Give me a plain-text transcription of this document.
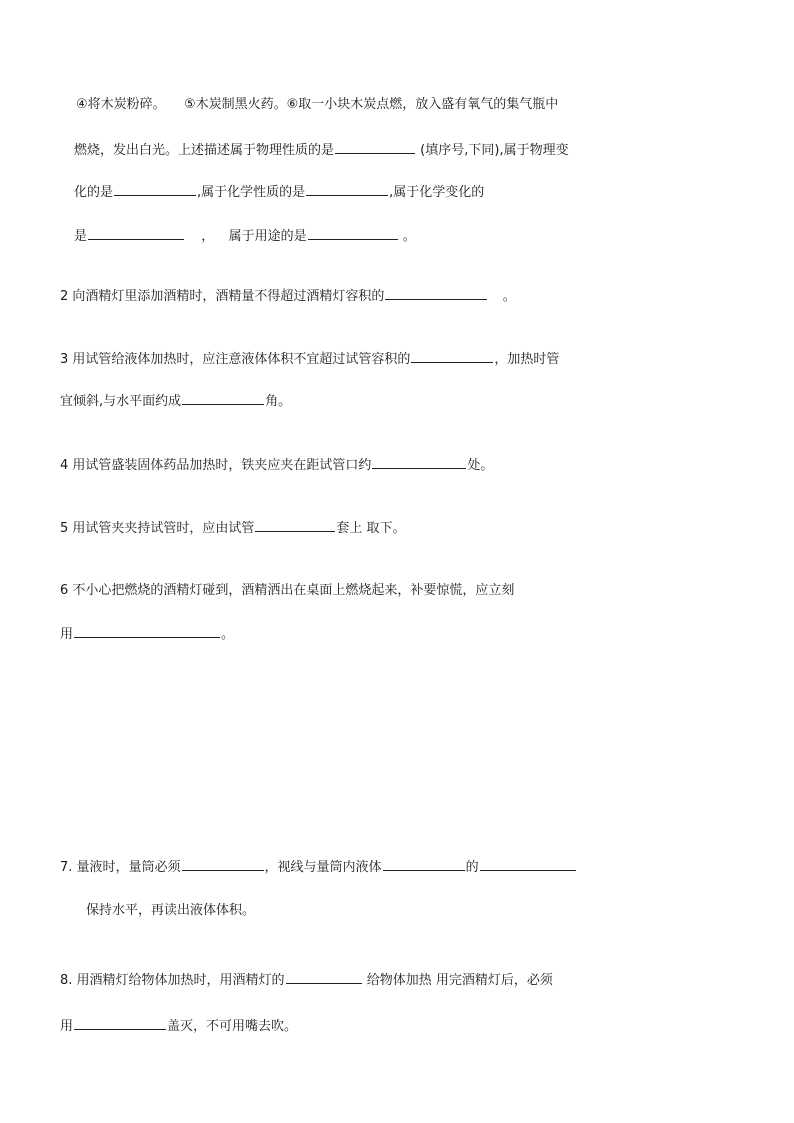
④将木炭粉碎。 ⑤木炭制黑火药。⑥取一小块木炭点燃，放入盛有氧气的集气瓶中
燃烧，发出白光。上述描述属于物理性质的是	(填序号,下同),属于物理变
化的是	,属于化学性质的是	,属于化学变化的
是	， 属于用途的是	。
2 向酒精灯里添加酒精时，酒精量不得超过酒精灯容积的	。
3 用试管给液体加热时，应注意液体体积不宜超过试管容积的	，加热时管
宜倾斜,与水平面约成	角。
4 用试管盛装固体药品加热时，铁夹应夹在距试管口约	处。
5 用试管夹夹持试管时，应由试管	套上 取下。
6 不小心把燃烧的酒精灯碰到，酒精洒出在桌面上燃烧起来，补要惊慌，应立刻
用	。
7. 量液时，量筒必须	，视线与量筒内液体	的
保持水平，再读出液体体积。
8. 用酒精灯给物体加热时，用酒精灯的	给物体加热 用完酒精灯后，必须
用	盖灭，不可用嘴去吹。
